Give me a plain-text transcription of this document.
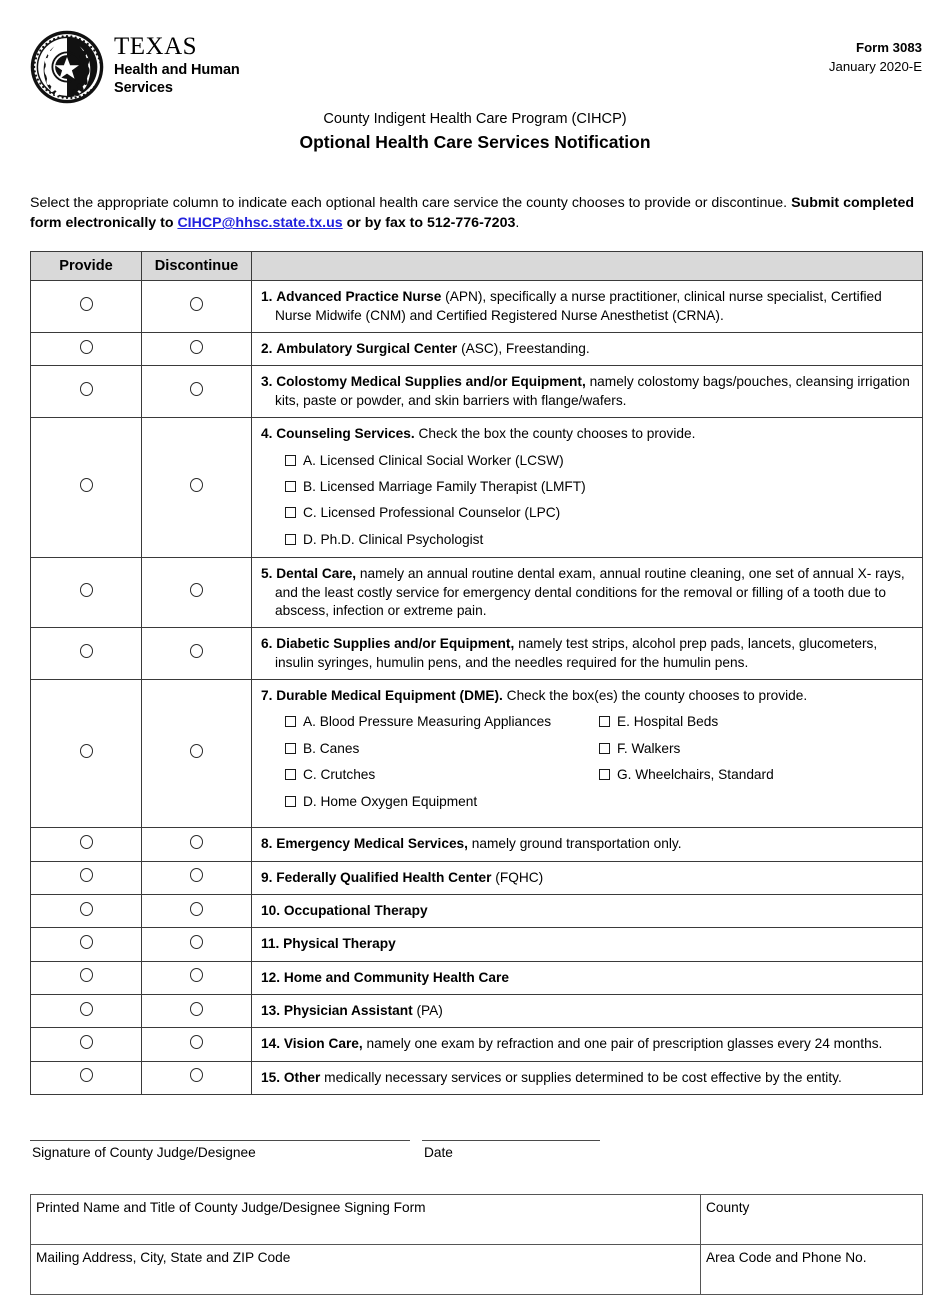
TEXAS
Health and Human
Services
Form 3083
January 2020-E
County Indigent Health Care Program (CIHCP)
Optional Health Care Services Notification
Select the appropriate column to indicate each optional health care service the county chooses to provide or discontinue. Submit completed form electronically to CIHCP@hhsc.state.tx.us or by fax to 512-776-7203.
Provide	Discontinue	

		1. Advanced Practice Nurse (APN), specifically a nurse practitioner, clinical nurse specialist, Certified Nurse Midwife (CNM) and Certified Registered Nurse Anesthetist (CRNA).

		2. Ambulatory Surgical Center (ASC), Freestanding.

		3. Colostomy Medical Supplies and/or Equipment, namely colostomy bags/pouches, cleansing irrigation kits, paste or powder, and skin barriers with flange/wafers.

		4. Counseling Services. Check the box the county chooses to provide.
A. Licensed Clinical Social Worker (LCSW)
B. Licensed Marriage Family Therapist (LMFT)
C. Licensed Professional Counselor (LPC)
D. Ph.D. Clinical Psychologist

		5. Dental Care, namely an annual routine dental exam, annual routine cleaning, one set of annual X- rays, and the least costly service for emergency dental conditions for the removal or filling of a tooth due to abscess, infection or extreme pain.

		6. Diabetic Supplies and/or Equipment, namely test strips, alcohol prep pads, lancets, glucometers, insulin syringes, humulin pens, and the needles required for the humulin pens.

7. Durable Medical Equipment (DME). Check the box(es) the county chooses to provide.
A. Blood Pressure Measuring Appliances
B. Canes
C. Crutches
D. Home Oxygen Equipment
E. Hospital Beds
F. Walkers
G. Wheelchairs, Standard

		8. Emergency Medical Services, namely ground transportation only.

		9. Federally Qualified Health Center (FQHC)

		10. Occupational Therapy

		11. Physical Therapy

		12. Home and Community Health Care

		13. Physician Assistant (PA)

		14. Vision Care, namely one exam by refraction and one pair of prescription glasses every 24 months.

		15. Other medically necessary services or supplies determined to be cost effective by the entity.
Signature of County Judge/Designee	Date
Printed Name and Title of County Judge/Designee Signing Form	County
Mailing Address, City, State and ZIP Code	Area Code and Phone No.
